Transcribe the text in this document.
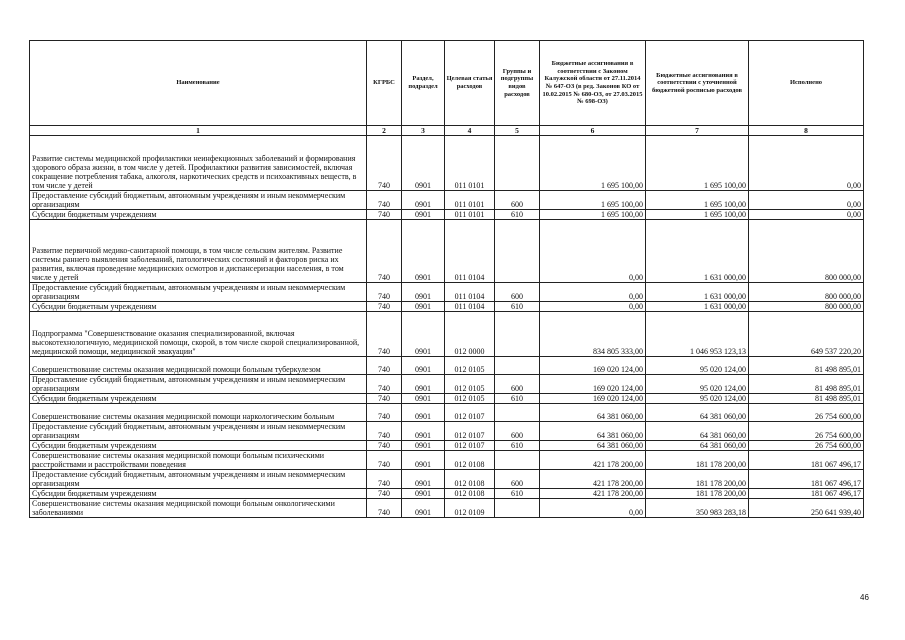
Наименование	КГРБС	Раздел, подраздел	Целевая статья расходов	Группы и подгруппы видов расходов	Бюджетные ассигнования в соответствии с Законом Калужской области от 27.11.2014 № 647-ОЗ (в ред. Законов КО от 10.02.2015 № 680-ОЗ, от 27.03.2015 № 698-ОЗ)	Бюджетные ассигнования в соответствии с уточненной бюджетной росписью расходов	Исполнено
1	2	3	4	5	6	7	8
Развитие системы медицинской профилактики неинфекционных заболеваний и формирования здорового образа жизни, в том числе у детей. Профилактики развития зависимостей, включая сокращение потребления табака, алкоголя, наркотических средств и психоактивных веществ, в том числе у детей	740	0901	011 0101		1 695 100,00	1 695 100,00	0,00
Предоставление субсидий бюджетным, автономным учреждениям и иным некоммерческим организациям	740	0901	011 0101	600	1 695 100,00	1 695 100,00	0,00
Субсидии бюджетным учреждениям	740	0901	011 0101	610	1 695 100,00	1 695 100,00	0,00
Развитие первичной медико-санитарной помощи, в том числе сельским жителям. Развитие системы раннего выявления заболеваний, патологических состояний и факторов риска их развития, включая проведение медицинских осмотров и диспансеризации населения, в том числе у детей	740	0901	011 0104		0,00	1 631 000,00	800 000,00
Предоставление субсидий бюджетным, автономным учреждениям и иным некоммерческим организациям	740	0901	011 0104	600	0,00	1 631 000,00	800 000,00
Субсидии бюджетным учреждениям	740	0901	011 0104	610	0,00	1 631 000,00	800 000,00
Подпрограмма "Совершенствование оказания специализированной, включая высокотехнологичную, медицинской помощи, скорой, в том числе скорой специализированной, медицинской помощи, медицинской эвакуации"	740	0901	012 0000		834 805 333,00	1 046 953 123,13	649 537 220,20
Совершенствование системы оказания медицинской помощи больным туберкулезом	740	0901	012 0105		169 020 124,00	95 020 124,00	81 498 895,01
Предоставление субсидий бюджетным, автономным учреждениям и иным некоммерческим организациям	740	0901	012 0105	600	169 020 124,00	95 020 124,00	81 498 895,01
Субсидии бюджетным учреждениям	740	0901	012 0105	610	169 020 124,00	95 020 124,00	81 498 895,01
Совершенствование системы оказания медицинской помощи наркологическим больным	740	0901	012 0107		64 381 060,00	64 381 060,00	26 754 600,00
Предоставление субсидий бюджетным, автономным учреждениям и иным некоммерческим организациям	740	0901	012 0107	600	64 381 060,00	64 381 060,00	26 754 600,00
Субсидии бюджетным учреждениям	740	0901	012 0107	610	64 381 060,00	64 381 060,00	26 754 600,00
Совершенствование системы оказания медицинской помощи больным психическими расстройствами и расстройствами поведения	740	0901	012 0108		421 178 200,00	181 178 200,00	181 067 496,17
Предоставление субсидий бюджетным, автономным учреждениям и иным некоммерческим организациям	740	0901	012 0108	600	421 178 200,00	181 178 200,00	181 067 496,17
Субсидии бюджетным учреждениям	740	0901	012 0108	610	421 178 200,00	181 178 200,00	181 067 496,17
Совершенствование системы оказания медицинской помощи больным онкологическими заболеваниями	740	0901	012 0109		0,00	350 983 283,18	250 641 939,40
46
